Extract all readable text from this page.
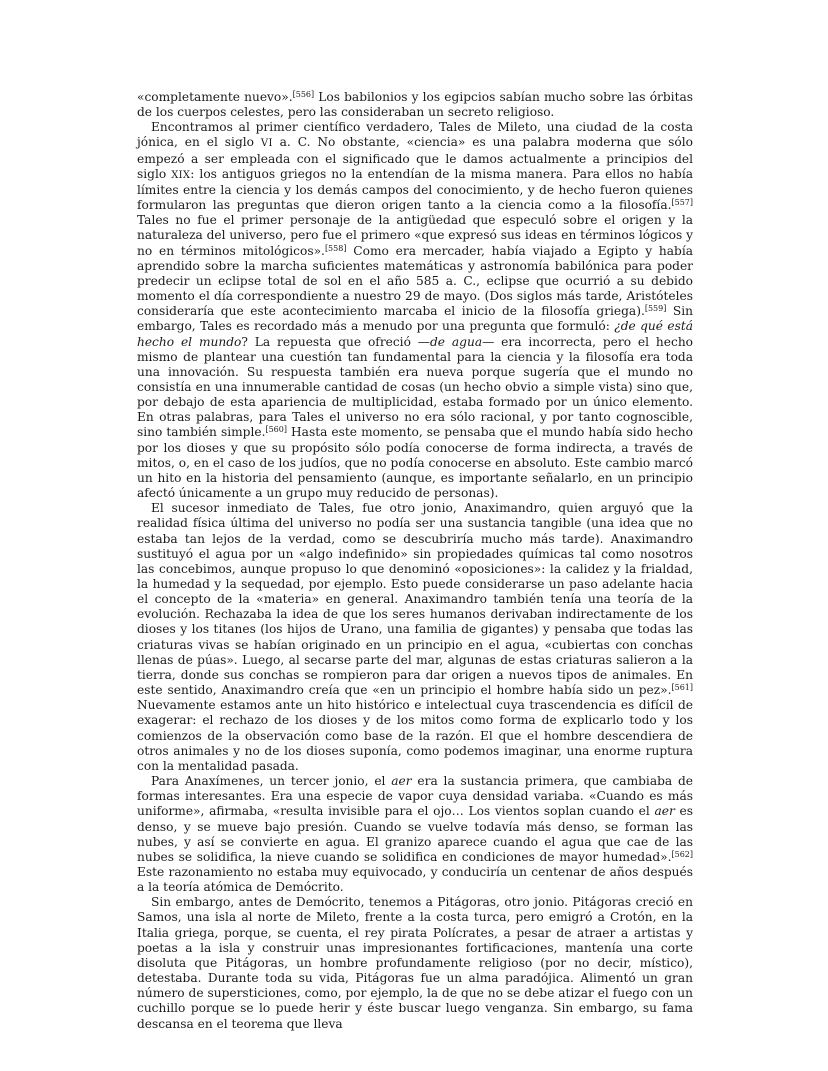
«completamente nuevo».[556] Los babilonios y los egipcios sabían mucho sobre las órbitas de los cuerpos celestes, pero las consideraban un secreto religioso.

Encontramos al primer científico verdadero, Tales de Mileto, una ciudad de la costa jónica, en el siglo VI a. C. No obstante, «ciencia» es una palabra moderna que sólo empezó a ser empleada con el significado que le damos actualmente a principios del siglo XIX: los antiguos griegos no la entendían de la misma manera. Para ellos no había límites entre la ciencia y los demás campos del conocimiento, y de hecho fueron quienes formularon las preguntas que dieron origen tanto a la ciencia como a la filosofía.[557] Tales no fue el primer personaje de la antigüedad que especuló sobre el origen y la naturaleza del universo, pero fue el primero «que expresó sus ideas en términos lógicos y no en términos mitológicos».[558] Como era mercader, había viajado a Egipto y había aprendido sobre la marcha suficientes matemáticas y astronomía babilónica para poder predecir un eclipse total de sol en el año 585 a. C., eclipse que ocurrió a su debido momento el día correspondiente a nuestro 29 de mayo. (Dos siglos más tarde, Aristóteles consideraría que este acontecimiento marcaba el inicio de la filosofía griega).[559] Sin embargo, Tales es recordado más a menudo por una pregunta que formuló: ¿de qué está hecho el mundo? La repuesta que ofreció —de agua— era incorrecta, pero el hecho mismo de plantear una cuestión tan fundamental para la ciencia y la filosofía era toda una innovación. Su respuesta también era nueva porque sugería que el mundo no consistía en una innumerable cantidad de cosas (un hecho obvio a simple vista) sino que, por debajo de esta apariencia de multiplicidad, estaba formado por un único elemento. En otras palabras, para Tales el universo no era sólo racional, y por tanto cognoscible, sino también simple.[560] Hasta este momento, se pensaba que el mundo había sido hecho por los dioses y que su propósito sólo podía conocerse de forma indirecta, a través de mitos, o, en el caso de los judíos, que no podía conocerse en absoluto. Este cambio marcó un hito en la historia del pensamiento (aunque, es importante señalarlo, en un principio afectó únicamente a un grupo muy reducido de personas).

El sucesor inmediato de Tales, fue otro jonio, Anaximandro, quien arguyó que la realidad física última del universo no podía ser una sustancia tangible (una idea que no estaba tan lejos de la verdad, como se descubriría mucho más tarde). Anaximandro sustituyó el agua por un «algo indefinido» sin propiedades químicas tal como nosotros las concebimos, aunque propuso lo que denominó «oposiciones»: la calidez y la frialdad, la humedad y la sequedad, por ejemplo. Esto puede considerarse un paso adelante hacia el concepto de la «materia» en general. Anaximandro también tenía una teoría de la evolución. Rechazaba la idea de que los seres humanos derivaban indirectamente de los dioses y los titanes (los hijos de Urano, una familia de gigantes) y pensaba que todas las criaturas vivas se habían originado en un principio en el agua, «cubiertas con conchas llenas de púas». Luego, al secarse parte del mar, algunas de estas criaturas salieron a la tierra, donde sus conchas se rompieron para dar origen a nuevos tipos de animales. En este sentido, Anaximandro creía que «en un principio el hombre había sido un pez».[561] Nuevamente estamos ante un hito histórico e intelectual cuya trascendencia es difícil de exagerar: el rechazo de los dioses y de los mitos como forma de explicarlo todo y los comienzos de la observación como base de la razón. El que el hombre descendiera de otros animales y no de los dioses suponía, como podemos imaginar, una enorme ruptura con la mentalidad pasada.

Para Anaxímenes, un tercer jonio, el aer era la sustancia primera, que cambiaba de formas interesantes. Era una especie de vapor cuya densidad variaba. «Cuando es más uniforme», afirmaba, «resulta invisible para el ojo… Los vientos soplan cuando el aer es denso, y se mueve bajo presión. Cuando se vuelve todavía más denso, se forman las nubes, y así se convierte en agua. El granizo aparece cuando el agua que cae de las nubes se solidifica, la nieve cuando se solidifica en condiciones de mayor humedad».[562] Este razonamiento no estaba muy equivocado, y conduciría un centenar de años después a la teoría atómica de Demócrito.

Sin embargo, antes de Demócrito, tenemos a Pitágoras, otro jonio. Pitágoras creció en Samos, una isla al norte de Mileto, frente a la costa turca, pero emigró a Crotón, en la Italia griega, porque, se cuenta, el rey pirata Polícrates, a pesar de atraer a artistas y poetas a la isla y construir unas impresionantes fortificaciones, mantenía una corte disoluta que Pitágoras, un hombre profundamente religioso (por no decir, místico), detestaba. Durante toda su vida, Pitágoras fue un alma paradójica. Alimentó un gran número de supersticiones, como, por ejemplo, la de que no se debe atizar el fuego con un cuchillo porque se lo puede herir y éste buscar luego venganza. Sin embargo, su fama descansa en el teorema que lleva
